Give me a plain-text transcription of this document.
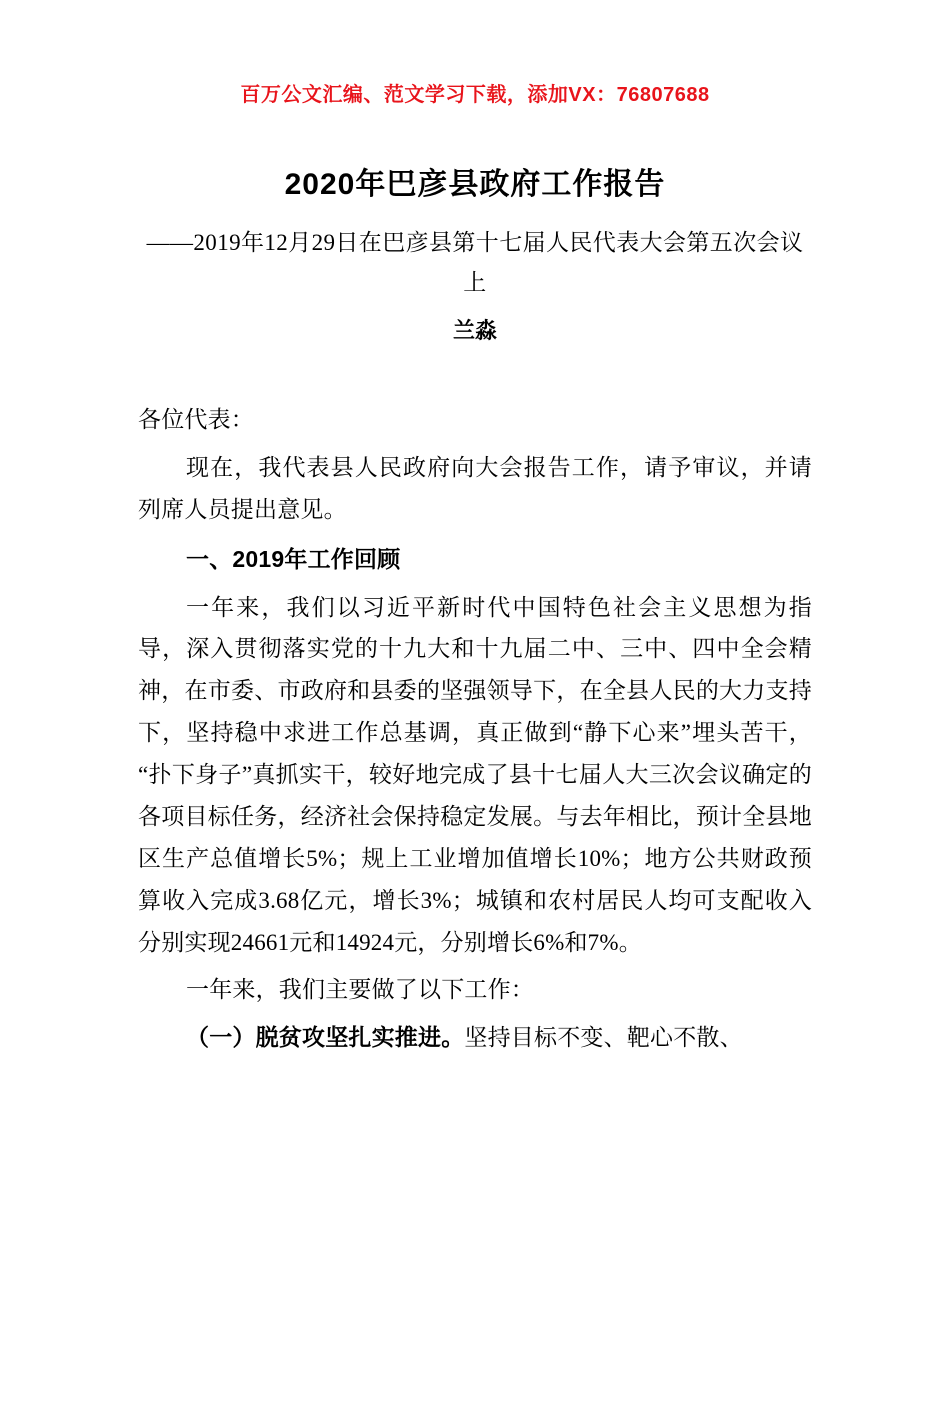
百万公文汇编、范文学习下载，添加VX：76807688
2020年巴彦县政府工作报告
——2019年12月29日在巴彦县第十七届人民代表大会第五次会议上
兰淼

各位代表：

现在，我代表县人民政府向大会报告工作，请予审议，并请列席人员提出意见。

一、2019年工作回顾

一年来，我们以习近平新时代中国特色社会主义思想为指导，深入贯彻落实党的十九大和十九届二中、三中、四中全会精神，在市委、市政府和县委的坚强领导下，在全县人民的大力支持下，坚持稳中求进工作总基调，真正做到“静下心来”埋头苦干，“扑下身子”真抓实干，较好地完成了县十七届人大三次会议确定的各项目标任务，经济社会保持稳定发展。与去年相比，预计全县地区生产总值增长5%；规上工业增加值增长10%；地方公共财政预算收入完成3.68亿元，增长3%；城镇和农村居民人均可支配收入分别实现24661元和14924元，分别增长6%和7%。

一年来，我们主要做了以下工作：

（一）脱贫攻坚扎实推进。坚持目标不变、靶心不散、
